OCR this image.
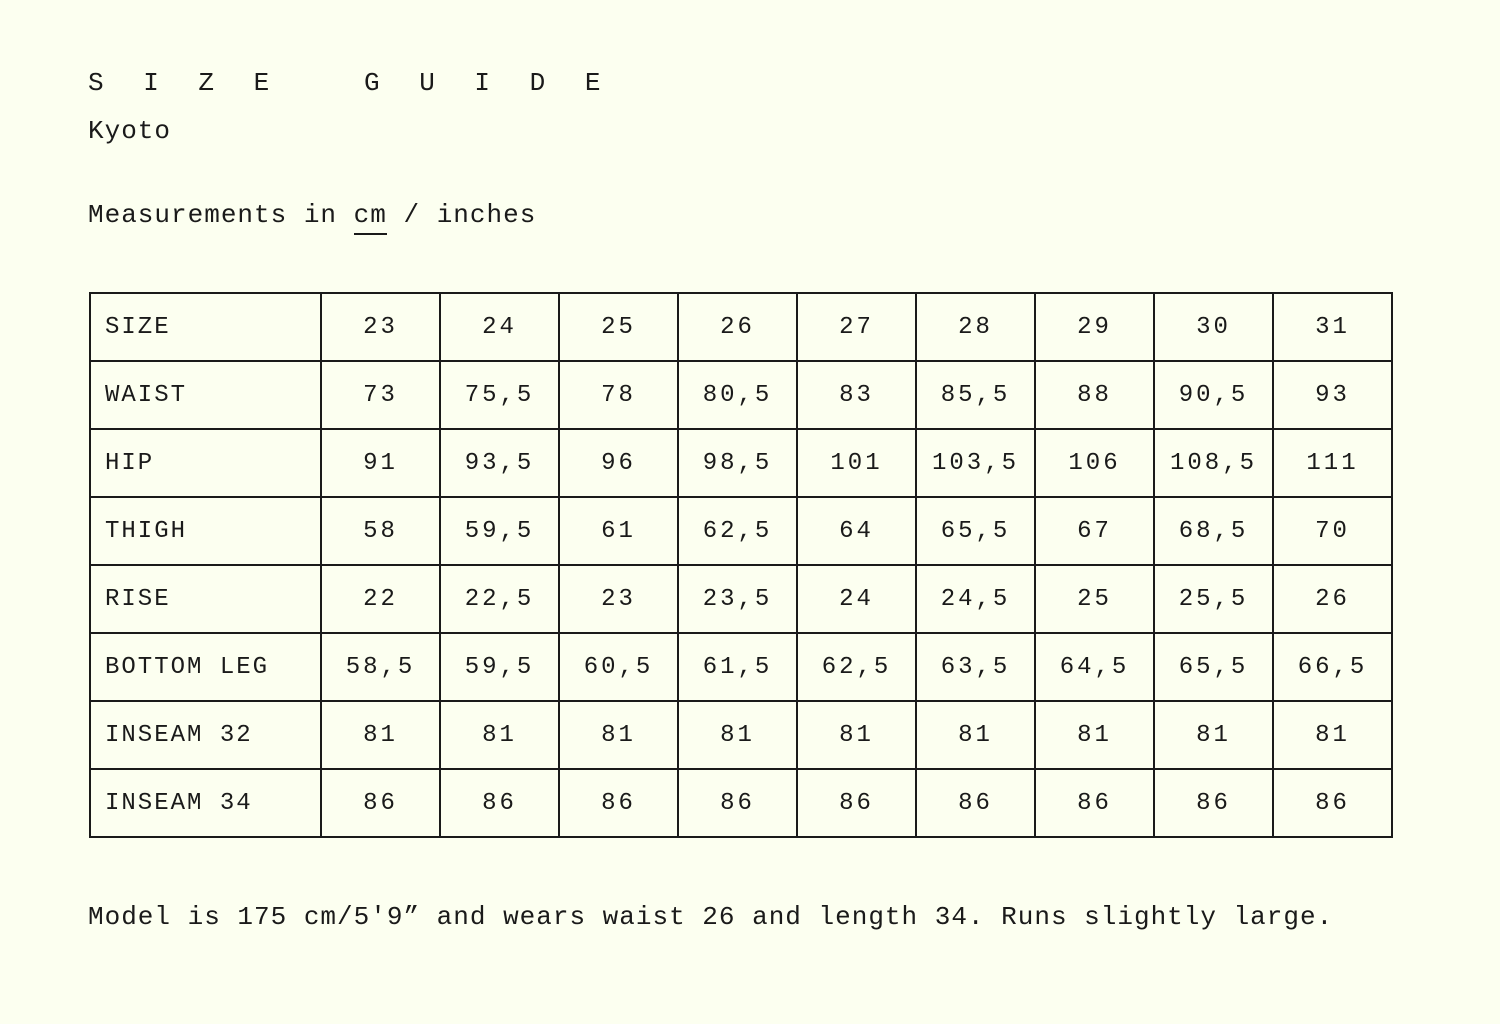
S I Z E   G U I D E
Kyoto
Measurements in cm / inches
SIZE	23	24	25	26	27	28	29	30	31
WAIST	73	75,5	78	80,5	83	85,5	88	90,5	93
HIP	91	93,5	96	98,5	101	103,5	106	108,5	111
THIGH	58	59,5	61	62,5	64	65,5	67	68,5	70
RISE	22	22,5	23	23,5	24	24,5	25	25,5	26
BOTTOM LEG	58,5	59,5	60,5	61,5	62,5	63,5	64,5	65,5	66,5
INSEAM 32	81	81	81	81	81	81	81	81	81
INSEAM 34	86	86	86	86	86	86	86	86	86
Model is 175 cm/5'9” and wears waist 26 and length 34. Runs slightly large.
